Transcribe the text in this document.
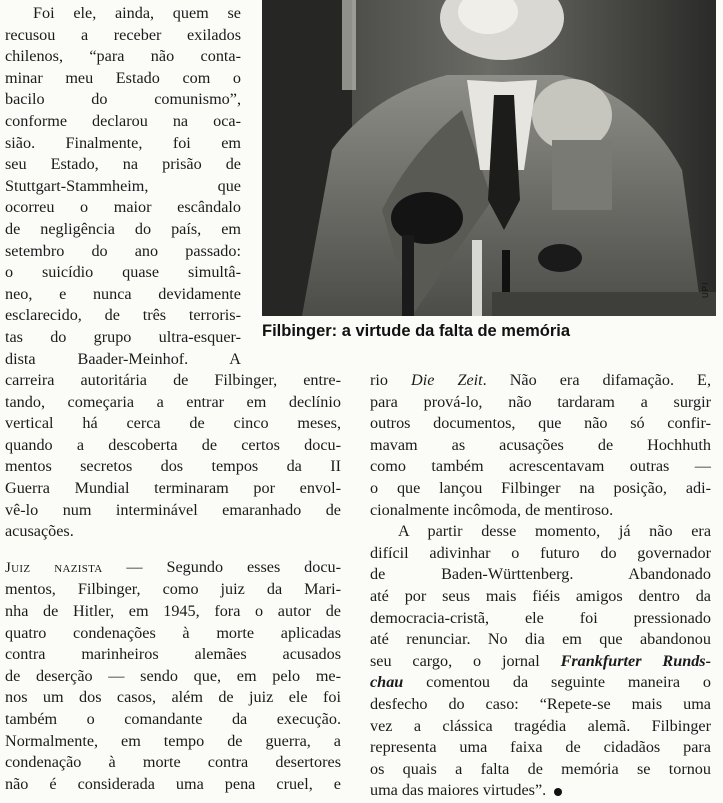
Foi ele, ainda, quem se
recusou a receber exilados
chilenos, “para não conta-
minar meu Estado com o
bacilo do comunismo”,
conforme declarou na oca-
sião. Finalmente, foi em
seu Estado, na prisão de
Stuttgart-Stammheim, que
ocorreu o maior escândalo
de negligência do país, em
setembro do ano passado:
o suicídio quase simultâ-
neo, e nunca devidamente
esclarecido, de três terroris-
tas do grupo ultra-esquer-
dista Baader-Meinhof. A

UPI
Filbinger: a virtude da falta de memória

carreira autoritária de Filbinger, entre-
tando, começaria a entrar em declínio
vertical há cerca de cinco meses,
quando a descoberta de certos docu-
mentos secretos dos tempos da II
Guerra Mundial terminaram por envol-
vê-lo num interminável emaranhado de
acusações.

Juiz nazista — Segundo esses docu-
mentos, Filbinger, como juiz da Mari-
nha de Hitler, em 1945, fora o autor de
quatro condenações à morte aplicadas
contra marinheiros alemães acusados
de deserção — sendo que, em pelo me-
nos um dos casos, além de juiz ele foi
também o comandante da execução.
Normalmente, em tempo de guerra, a
condenação à morte contra desertores
não é considerada uma pena cruel, e

rio Die Zeit. Não era difamação. E,
para prová-lo, não tardaram a surgir
outros documentos, que não só confir-
mavam as acusações de Hochhuth
como também acrescentavam outras —
o que lançou Filbinger na posição, adi-
cionalmente incômoda, de mentiroso.

A partir desse momento, já não era
difícil adivinhar o futuro do governador
de Baden-Württenberg. Abandonado
até por seus mais fiéis amigos dentro da
democracia-cristã, ele foi pressionado
até renunciar. No dia em que abandonou
seu cargo, o jornal Frankfurter Runds-
chau comentou da seguinte maneira o
desfecho do caso: “Repete-se mais uma
vez a clássica tragédia alemã. Filbinger
representa uma faixa de cidadãos para
os quais a falta de memória se tornou
uma das maiores virtudes”.
